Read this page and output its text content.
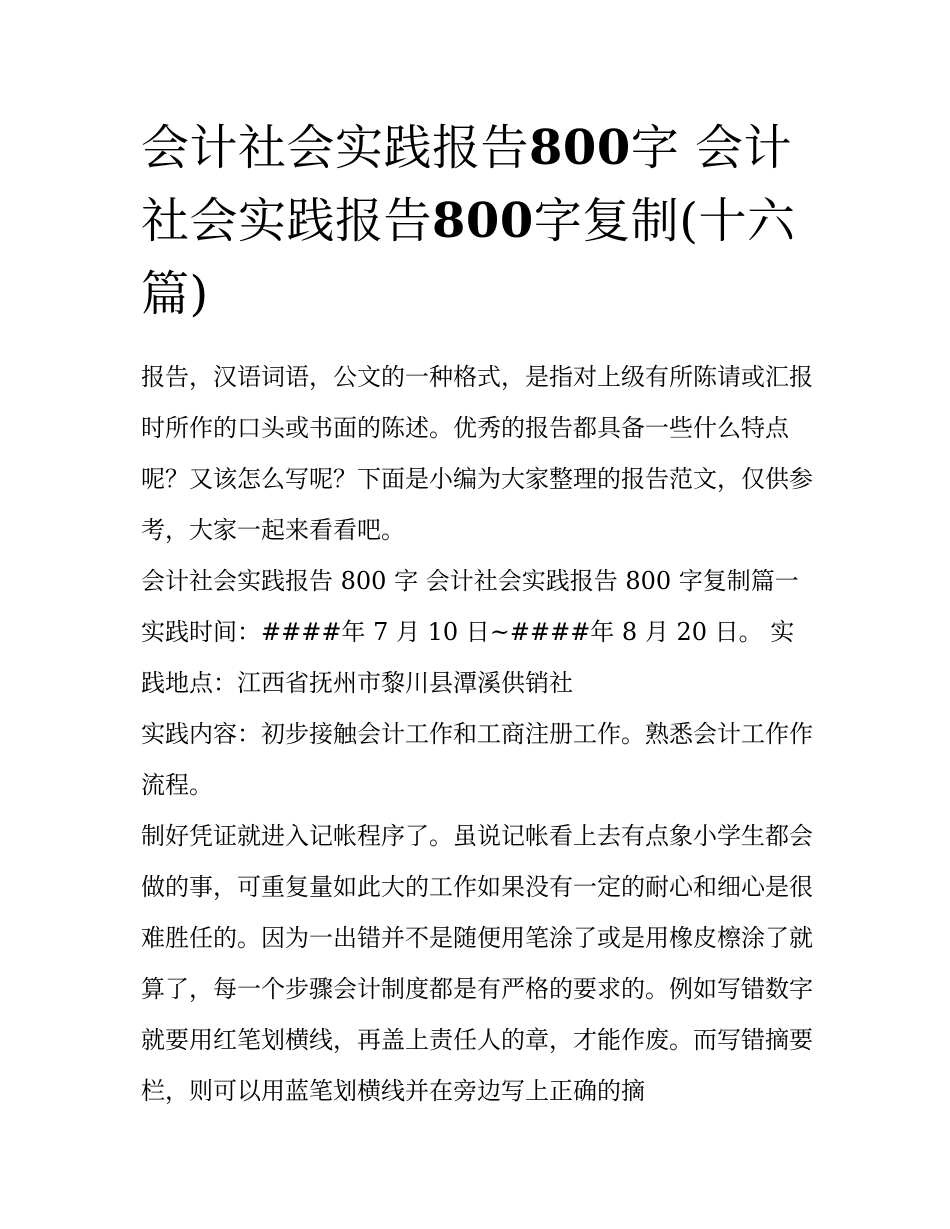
会计社会实践报告800字 会计社会实践报告800字复制(十六篇)

报告，汉语词语，公文的一种格式，是指对上级有所陈请或汇报时所作的口头或书面的陈述。优秀的报告都具备一些什么特点呢？又该怎么写呢？下面是小编为大家整理的报告范文，仅供参考，大家一起来看看吧。

会计社会实践报告 800 字 会计社会实践报告 800 字复制篇一

实践时间：####年 7 月 10 日~####年 8 月 20 日。 实践地点：江西省抚州市黎川县潭溪供销社

实践内容：初步接触会计工作和工商注册工作。熟悉会计工作作流程。

制好凭证就进入记帐程序了。虽说记帐看上去有点象小学生都会做的事，可重复量如此大的工作如果没有一定的耐心和细心是很难胜任的。因为一出错并不是随便用笔涂了或是用橡皮檫涂了就算了，每一个步骤会计制度都是有严格的要求的。例如写错数字就要用红笔划横线，再盖上责任人的章，才能作废。而写错摘要栏，则可以用蓝笔划横线并在旁边写上正确的摘
